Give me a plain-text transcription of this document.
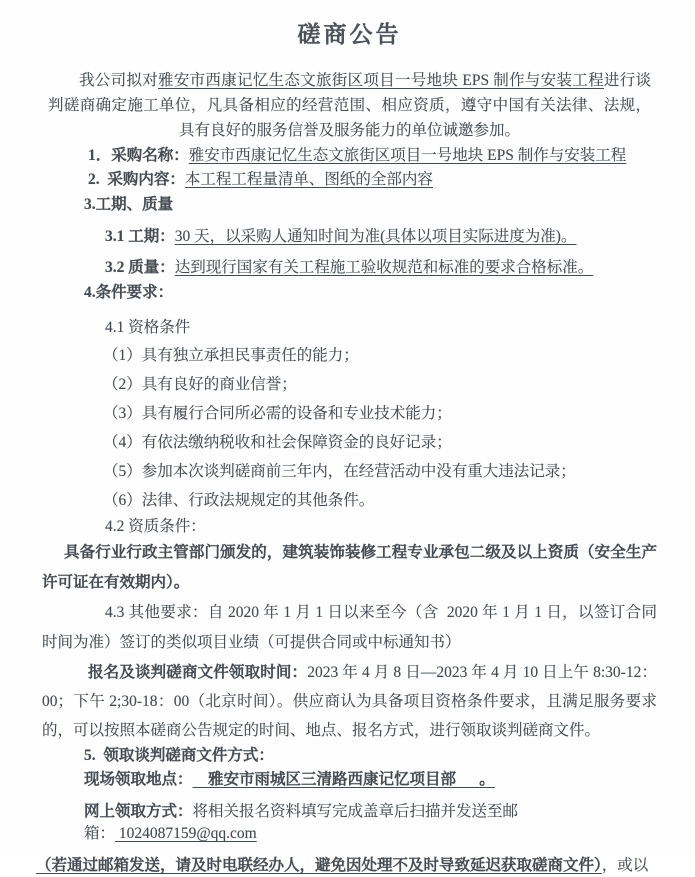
磋商公告

我公司拟对雅安市西康记忆生态文旅街区项目一号地块 EPS 制作与安装工程进行谈判磋商确定施工单位，凡具备相应的经营范围、相应资质，遵守中国有关法律、法规，具有良好的服务信誉及服务能力的单位诚邀参加。

1．采购名称：雅安市西康记忆生态文旅街区项目一号地块 EPS 制作与安装工程

2.  采购内容：本工程工程量清单、图纸的全部内容

3.工期、质量

3.1 工期：30 天，以采购人通知时间为准(具体以项目实际进度为准)。

3.2 质量：达到现行国家有关工程施工验收规范和标准的要求合格标准。

4.条件要求：

4.1 资格条件

（1）具有独立承担民事责任的能力；

（2）具有良好的商业信誉；

（3）具有履行合同所必需的设备和专业技术能力；

（4）有依法缴纳税收和社会保障资金的良好记录；

（5）参加本次谈判磋商前三年内，在经营活动中没有重大违法记录；

（6）法律、行政法规规定的其他条件。

4.2 资质条件：

具备行业行政主管部门颁发的，建筑装饰装修工程专业承包二级及以上资质（安全生产许可证在有效期内）。

4.3 其他要求：自 2020 年 1 月 1 日以来至今（含  2020 年 1 月 1 日，以签订合同时间为准）签订的类似项目业绩（可提供合同或中标通知书）

报名及谈判磋商文件领取时间：2023 年 4 月 8 日—2023 年 4 月 10 日上午 8:30-12：00；下午 2;30-18：00（北京时间）。供应商认为具备项目资格条件要求，且满足服务要求的，可以按照本磋商公告规定的时间、地点、报名方式，进行领取谈判磋商文件。

5.  领取谈判磋商文件方式：

现场领取地点：    雅安市雨城区三清路西康记忆项目部      。

网上领取方式：将相关报名资料填写完成盖章后扫描并发送至邮箱： 1024087159@qq.com

（若通过邮箱发送，请及时电联经办人，避免因处理不及时导致延迟获取磋商文件），或以
